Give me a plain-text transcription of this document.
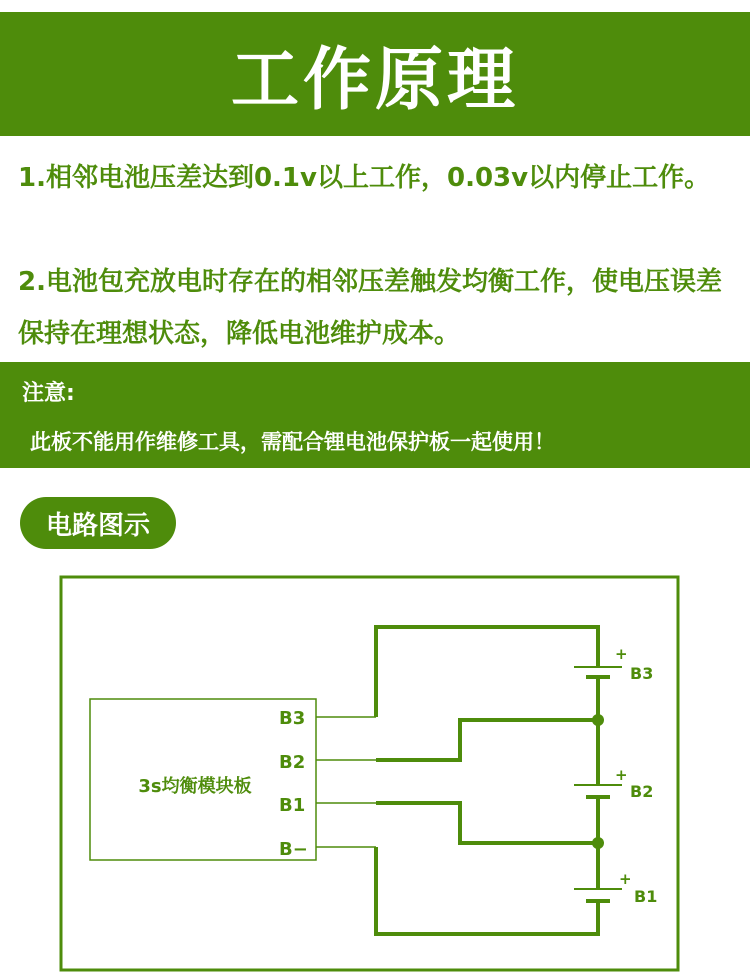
工作原理
1.相邻电池压差达到0.1v以上工作，0.03v以内停止工作。
2.电池包充放电时存在的相邻压差触发均衡工作，使电压误差保持在理想状态，降低电池维护成本。
注意:
此板不能用作维修工具，需配合锂电池保护板一起使用！
电路图示
3s均衡模块板
B3
B2
B1
B−
+
B3
+
B2
+
B1
